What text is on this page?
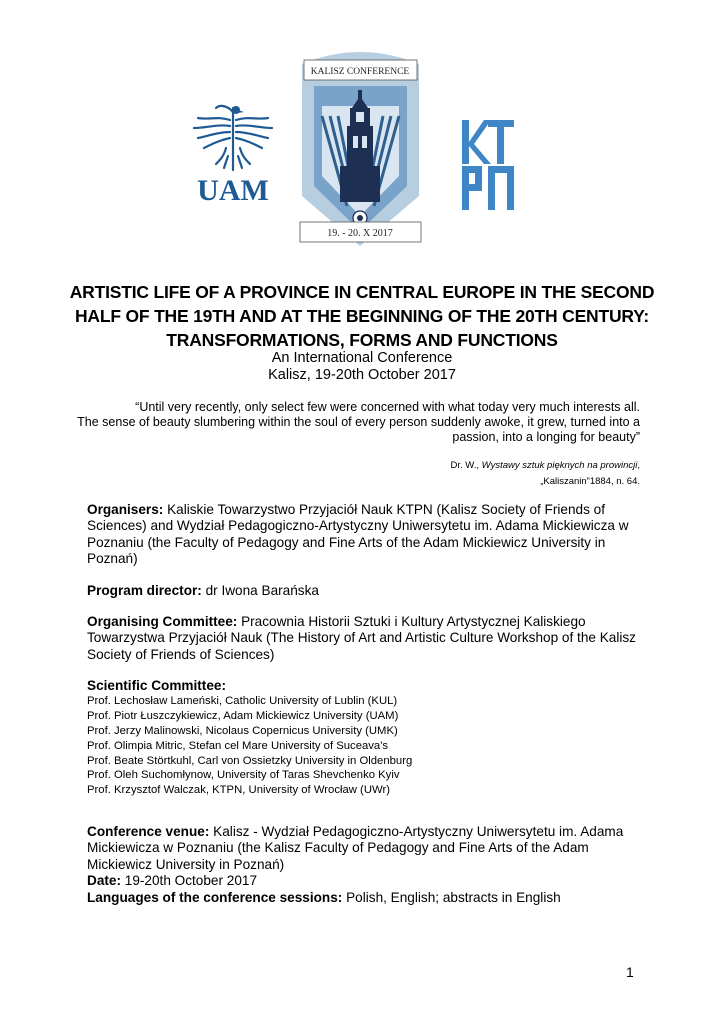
UAM
KALISZ CONFERENCE
19. - 20. X 2017
ARTISTIC LIFE OF A PROVINCE IN CENTRAL EUROPE IN THE SECOND
HALF OF THE 19TH AND AT THE BEGINNING OF THE 20TH CENTURY:
TRANSFORMATIONS, FORMS AND FUNCTIONS
An International Conference
Kalisz, 19-20th October 2017
“Until very recently, only select few were concerned with what today very much interests all.
The sense of beauty slumbering within the soul of every person suddenly awoke, it grew, turned into a
passion, into a longing for beauty”
Dr. W., Wystawy sztuk pięknych na prowincji,
„Kaliszanin”1884, n. 64.
Organisers: Kaliskie Towarzystwo Przyjaciół Nauk KTPN (Kalisz Society of Friends of Sciences) and Wydział Pedagogiczno-Artystyczny Uniwersytetu im. Adama Mickiewicza w Poznaniu (the Faculty of Pedagogy and Fine Arts of the Adam Mickiewicz University in Poznań)
Program director: dr Iwona Barańska
Organising Committee: Pracownia Historii Sztuki i Kultury Artystycznej Kaliskiego Towarzystwa Przyjaciół Nauk (The History of Art and Artistic Culture Workshop of the Kalisz Society of Friends of Sciences)
Scientific Committee:
Prof. Lechosław Lameński, Catholic University of Lublin (KUL)
Prof. Piotr Łuszczykiewicz, Adam Mickiewicz University (UAM)
Prof. Jerzy Malinowski, Nicolaus Copernicus University (UMK)
Prof. Olimpia Mitric, Stefan cel Mare University of Suceava's
Prof. Beate Störtkuhl, Carl von Ossietzky University in Oldenburg
Prof. Oleh Suchomłynow, University of Taras Shevchenko Kyiv
Prof. Krzysztof Walczak, KTPN, University of Wrocław (UWr)
Conference venue: Kalisz - Wydział Pedagogiczno-Artystyczny Uniwersytetu im. Adama Mickiewicza w Poznaniu (the Kalisz Faculty of Pedagogy and Fine Arts of the Adam Mickiewicz University in Poznań)
Date: 19-20th October 2017
Languages of the conference sessions: Polish, English; abstracts in English
1
